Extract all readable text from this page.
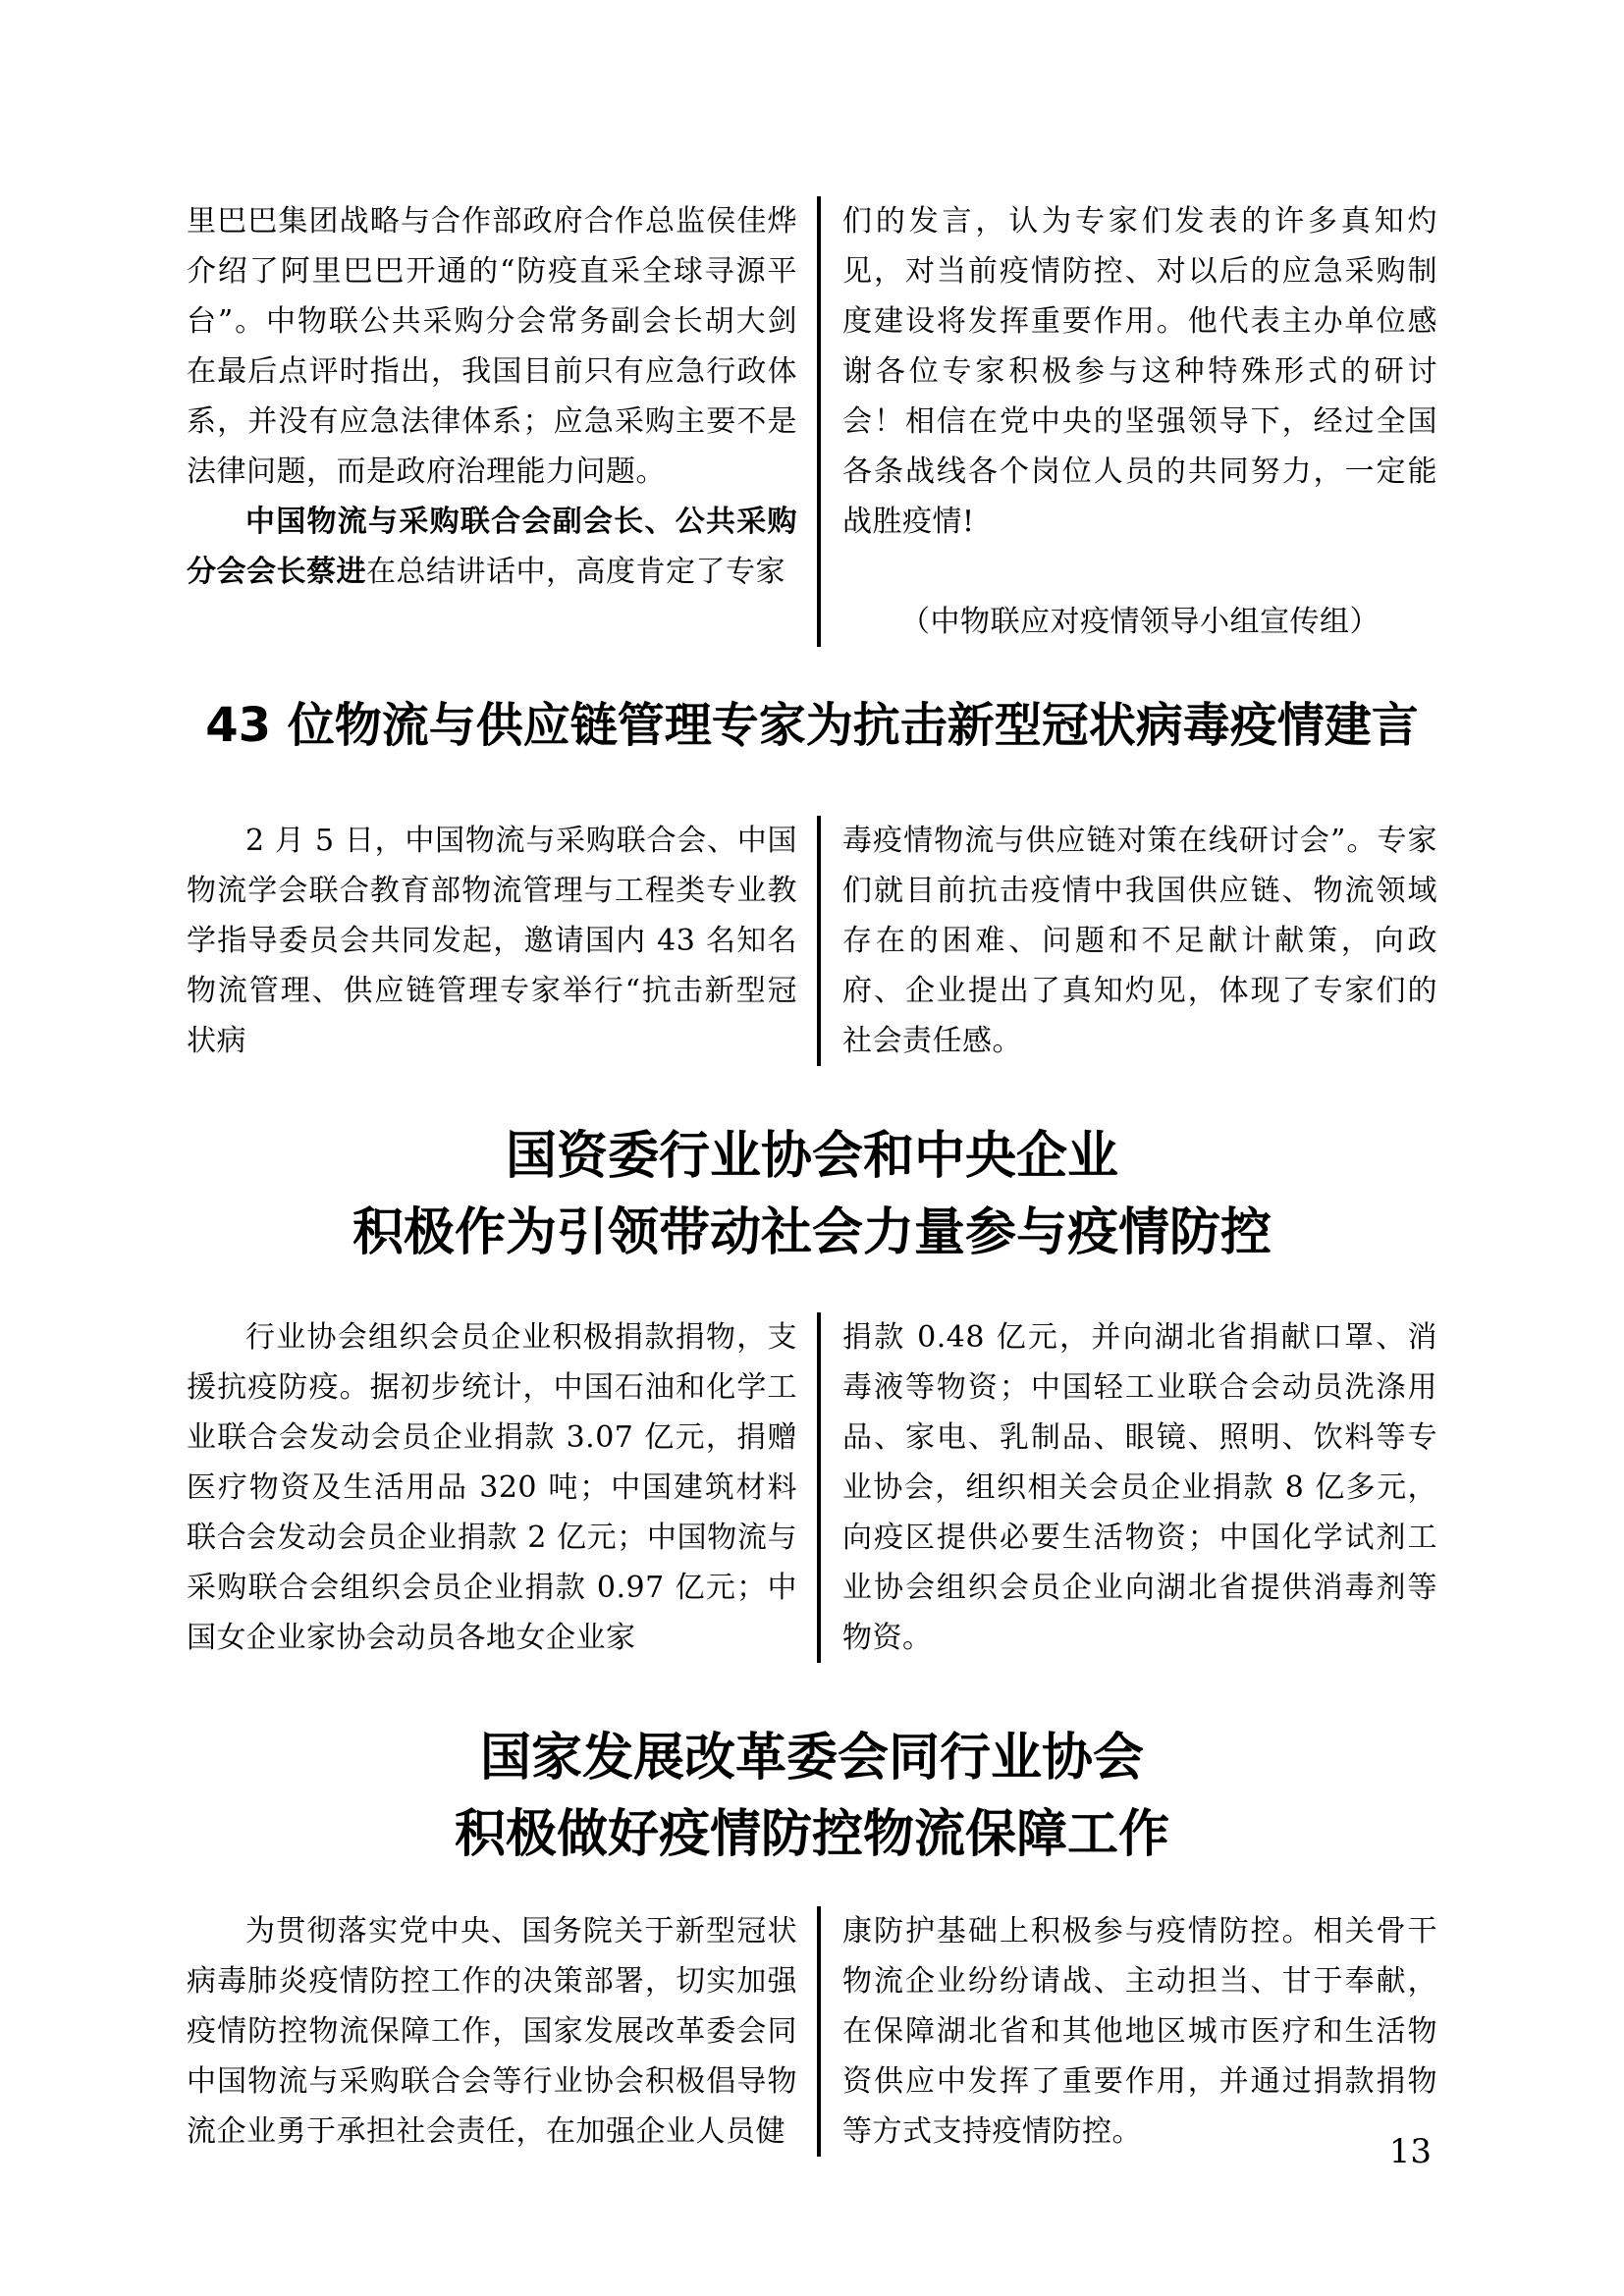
里巴巴集团战略与合作部政府合作总监侯佳烨介绍了阿里巴巴开通的“防疫直采全球寻源平台”。中物联公共采购分会常务副会长胡大剑在最后点评时指出，我国目前只有应急行政体系，并没有应急法律体系；应急采购主要不是法律问题，而是政府治理能力问题。

中国物流与采购联合会副会长、公共采购分会会长蔡进在总结讲话中，高度肯定了专家

们的发言，认为专家们发表的许多真知灼见，对当前疫情防控、对以后的应急采购制度建设将发挥重要作用。他代表主办单位感谢各位专家积极参与这种特殊形式的研讨会！相信在党中央的坚强领导下，经过全国各条战线各个岗位人员的共同努力，一定能战胜疫情!

（中物联应对疫情领导小组宣传组）

43 位物流与供应链管理专家为抗击新型冠状病毒疫情建言

2 月 5 日，中国物流与采购联合会、中国物流学会联合教育部物流管理与工程类专业教学指导委员会共同发起，邀请国内 43 名知名物流管理、供应链管理专家举行“抗击新型冠状病

毒疫情物流与供应链对策在线研讨会”。专家们就目前抗击疫情中我国供应链、物流领域存在的困难、问题和不足献计献策，向政府、企业提出了真知灼见，体现了专家们的社会责任感。

国资委行业协会和中央企业
积极作为引领带动社会力量参与疫情防控

行业协会组织会员企业积极捐款捐物，支援抗疫防疫。据初步统计，中国石油和化学工业联合会发动会员企业捐款 3.07 亿元，捐赠医疗物资及生活用品 320 吨；中国建筑材料联合会发动会员企业捐款 2 亿元；中国物流与采购联合会组织会员企业捐款 0.97 亿元；中国女企业家协会动员各地女企业家

捐款 0.48 亿元，并向湖北省捐献口罩、消毒液等物资；中国轻工业联合会动员洗涤用品、家电、乳制品、眼镜、照明、饮料等专业协会，组织相关会员企业捐款 8 亿多元，向疫区提供必要生活物资；中国化学试剂工业协会组织会员企业向湖北省提供消毒剂等物资。

国家发展改革委会同行业协会
积极做好疫情防控物流保障工作

为贯彻落实党中央、国务院关于新型冠状病毒肺炎疫情防控工作的决策部署，切实加强疫情防控物流保障工作，国家发展改革委会同中国物流与采购联合会等行业协会积极倡导物流企业勇于承担社会责任，在加强企业人员健

康防护基础上积极参与疫情防控。相关骨干物流企业纷纷请战、主动担当、甘于奉献，在保障湖北省和其他地区城市医疗和生活物资供应中发挥了重要作用，并通过捐款捐物等方式支持疫情防控。

13
